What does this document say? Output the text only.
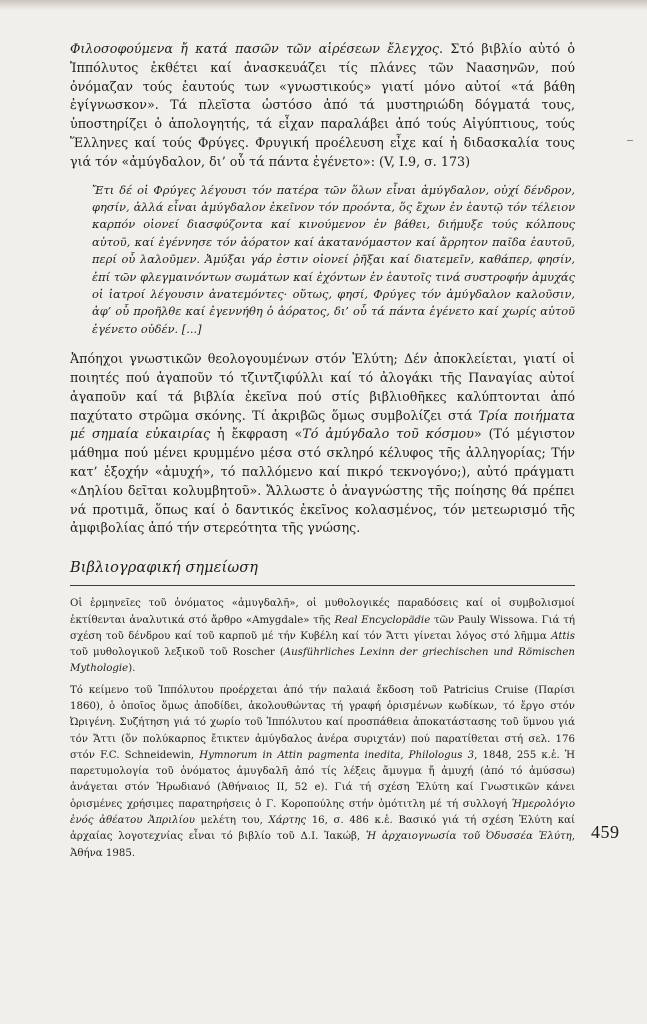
Φιλοσοφούμενα ἤ κατά πασῶν τῶν αἱρέσεων ἔλεγχος. Στό βιβλίο αὐτό ὁ Ἱππόλυτος ἐκθέτει καί ἀνασκευάζει τίς πλάνες τῶν Νaασηνῶν, πού ὀνόμαζαν τούς ἑαυτούς των «γνωστικούς» γιατί μόνο αὐτοί «τά βάθη ἐγίγνωσκον». Τά πλεῖστα ὡστόσο ἀπό τά μυστηριώδη δόγματά τους, ὑποστηρίζει ὁ ἀπολογητής, τά εἶχαν παραλάβει ἀπό τούς Αἰγύπτιους, τούς Ἕλληνες καί τούς Φρύγες. Φρυγική προέλευση εἶχε καί ἡ διδασκαλία τους γιά τόν «ἀμύγδαλον, δι’ οὗ τά πάντα ἐγένετο»: (V, I.9, σ. 173)

Ἔτι δέ οἱ Φρύγες λέγουσι τόν πατέρα τῶν ὅλων εἶναι ἀμύγδαλον, οὐχί δένδρον, φησίν, ἀλλά εἶναι ἀμύγδαλον ἐκεῖνον τόν προόντα, ὅς ἔχων ἐν ἑαυτῷ τόν τέλειον καρπόν οἱονεί διασφύζοντα καί κινούμενον ἐν βάθει, διήμυξε τούς κόλπους αὐτοῦ, καί ἐγέννησε τόν ἀόρατον καί ἀκατανόμαστον καί ἄρρητον παῖδα ἑαυτοῦ, περί οὗ λαλοῦμεν. Ἀμύξαι γάρ ἐστιν οἱονεί ῥῆξαι καί διατεμεῖν, καθάπερ, φησίν, ἐπί τῶν φλεγμαινόντων σωμάτων καί ἐχόντων ἐν ἑαυτοῖς τινά συστροφήν ἀμυχάς οἱ ἰατροί λέγουσιν ἀνατεμόντες· οὕτως, φησί, Φρύγες τόν ἀμύγδαλον καλοῦσιν, ἀφ’ οὗ προῆλθε καί ἐγεννήθη ὁ ἀόρατος, δι’ οὗ τά πάντα ἐγένετο καί χωρίς αὐτοῦ ἐγένετο οὐδέν. [...]

Ἀπόηχοι γνωστικῶν θεολογουμένων στόν Ἐλύτη; Δέν ἀποκλείεται, γιατί οἱ ποιητές πού ἀγαποῦν τό τζιντζιφύλλι καί τό ἀλογάκι τῆς Παναγίας αὐτοί ἀγαποῦν καί τά βιβλία ἐκεῖνα πού στίς βιβλιοθῆκες καλύπτονται ἀπό παχύτατο στρῶμα σκόνης. Τί ἀκριβῶς ὅμως συμβολίζει στά Τρία ποιήματα μέ σημαία εὐκαιρίας ἡ ἔκφραση «Τό ἀμύγδαλο τοῦ κόσμου» (Τό μέγιστον μάθημα πού μένει κρυμμένο μέσα στό σκληρό κέλυφος τῆς ἀλληγορίας; Τήν κατ’ ἐξοχήν «ἀμυχή», τό παλλόμενο καί πικρό τεκνογόνο;), αὐτό πράγματι «Δηλίου δεῖται κολυμβητοῦ». Ἄλλωστε ὁ ἀναγνώστης τῆς ποίησης θά πρέπει νά προτιμᾶ, ὅπως καί ὁ δαντικός ἐκεῖνος κολασμένος, τόν μετεωρισμό τῆς ἀμφιβολίας ἀπό τήν στερεότητα τῆς γνώσης.

Βιβλιογραφική σημείωση

Οἱ ἑρμηνεῖες τοῦ ὀνόματος «ἀμυγδαλῆ», οἱ μυθολογικές παραδόσεις καί οἱ συμβολισμοί ἐκτίθενται ἀναλυτικά στό ἄρθρο «Amygdale» τῆς Real Encyclopädie τῶν Pauly Wissowa. Γιά τή σχέση τοῦ δένδρου καί τοῦ καρποῦ μέ τήν Κυβέλη καί τόν Ἄττι γίνεται λόγος στό λῆμμα Attis τοῦ μυθολογικοῦ λεξικοῦ τοῦ Roscher (Ausführliches Lexinn der griechischen und Römischen Mythologie).

Τό κείμενο τοῦ Ἱππόλυτου προέρχεται ἀπό τήν παλαιά ἔκδοση τοῦ Patricius Cruise (Παρίσι 1860), ὁ ὁποῖος ὅμως ἀποδίδει, ἀκολουθώντας τή γραφή ὁρισμένων κωδίκων, τό ἔργο στόν Ὠριγένη. Συζήτηση γιά τό χωρίο τοῦ Ἱππόλυτου καί προσπάθεια ἀποκατάστασης τοῦ ὕμνου γιά τόν Ἄττι (ὅν πολύκαρπος ἔτικτεν ἀμύγδαλος ἀνέρα συριχτάν) πού παρατίθεται στή σελ. 176 στόν F.C. Schneidewin, Hymnorum in Attin pagmenta inedita, Philologus 3, 1848, 255 κ.ἑ. Ἡ παρετυμολογία τοῦ ὀνόματος ἀμυγδαλῆ ἀπό τίς λέξεις ἄμυγμα ἤ ἀμυχή (ἀπό τό ἀμύσσω) ἀνάγεται στόν Ἡρωδιανό (Ἀθήναιος ΙΙ, 52 e). Γιά τή σχέση Ἐλύτη καί Γνωστικῶν κάνει ὁρισμένες χρήσιμες παρατηρήσεις ὁ Γ. Κοροπούλης στήν ὁμότιτλη μέ τή συλλογή Ἡμερολόγιο ἑνός ἀθέατου Ἀπριλίου μελέτη του, Χάρτης 16, σ. 486 κ.ἑ. Βασικό γιά τή σχέση Ἐλύτη καί ἀρχαίας λογοτεχνίας εἶναι τό βιβλίο τοῦ Δ.Ι. Ἰακώβ, Ἡ ἀρχαιογνωσία τοῦ Ὀδυσσέα Ἐλύτη, Ἀθήνα 1985.

459
